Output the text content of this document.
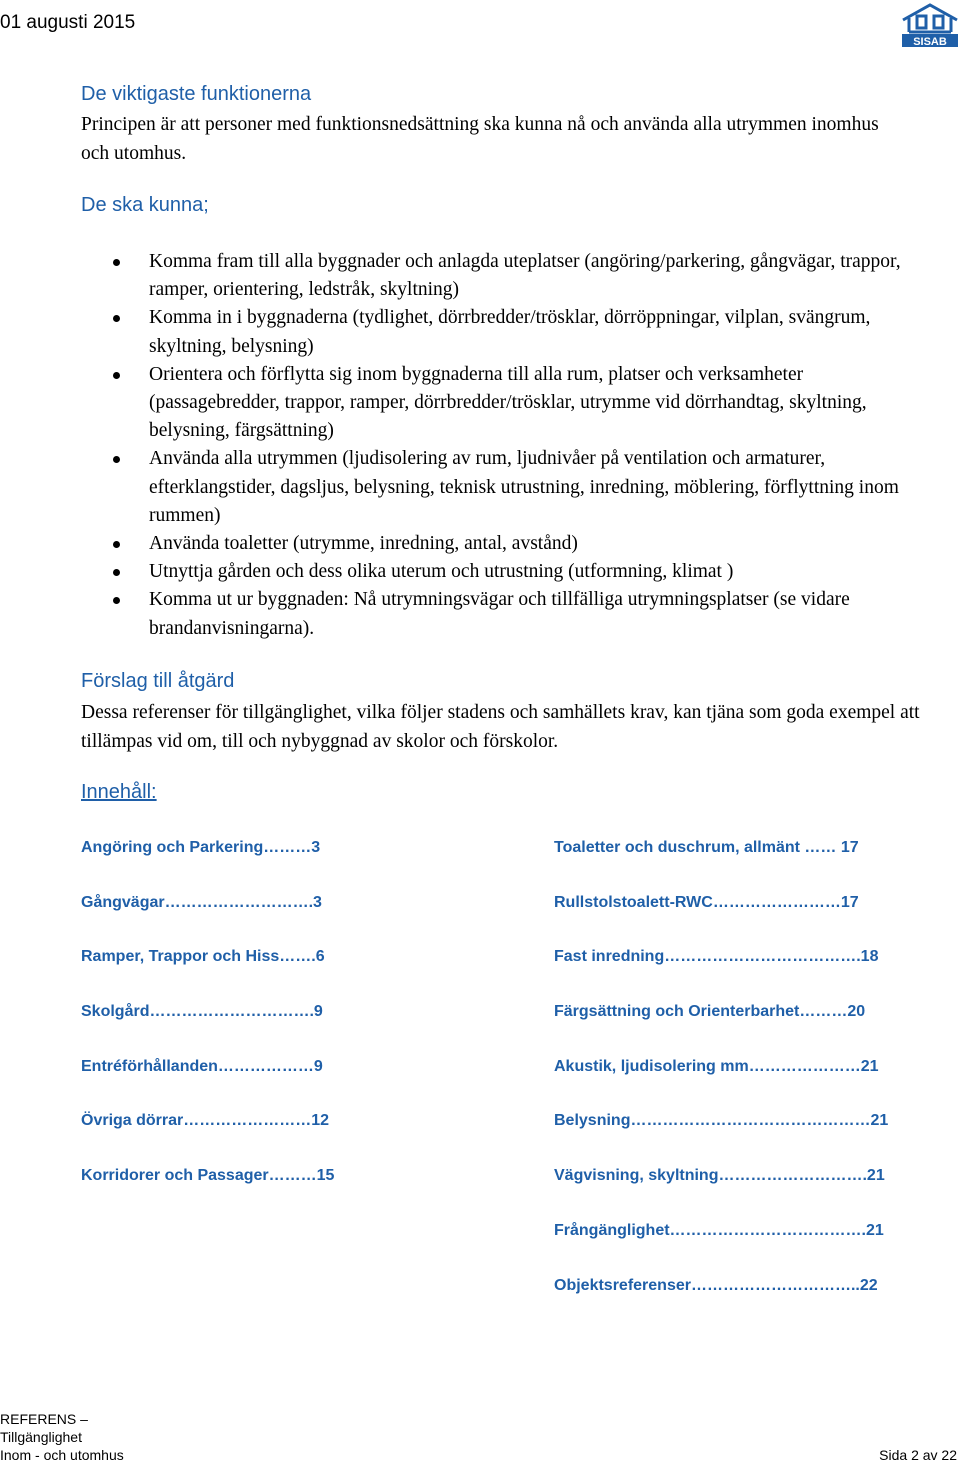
01 augusti 2015
SISAB
De viktigaste funktionerna

Principen är att personer med funktionsnedsättning ska kunna nå och använda alla utrymmen inomhus och utomhus.

De ska kunna;
Komma fram till alla byggnader och anlagda uteplatser (angöring/parkering, gångvägar, trappor, ramper, orientering, ledstråk, skyltning)
Komma in i byggnaderna (tydlighet, dörrbredder/trösklar, dörröppningar, vilplan, svängrum, skyltning, belysning)
Orientera och förflytta sig inom byggnaderna till alla rum, platser och verksamheter (passagebredder, trappor, ramper, dörrbredder/trösklar, utrymme vid dörrhandtag, skyltning, belysning, färgsättning)
Använda alla utrymmen (ljudisolering av rum, ljudnivåer på ventilation och armaturer, efterklangstider, dagsljus, belysning, teknisk utrustning, inredning, möblering, förflyttning inom rummen)
Använda toaletter (utrymme, inredning, antal, avstånd)
Utnyttja gården och dess olika uterum och utrustning (utformning, klimat )
Komma ut ur byggnaden: Nå utrymningsvägar och tillfälliga utrymningsplatser (se vidare brandanvisningarna).
Förslag till åtgärd

Dessa referenser för tillgänglighet, vilka följer stadens och samhällets krav, kan tjäna som goda exempel att tillämpas vid om, till och nybyggnad av skolor och förskolor.

Innehåll:
Angöring och Parkering………3
Gångvägar……………………….3
Ramper, Trappor och Hiss…….6
Skolgård………………………….9
Entréförhållanden………………9
Övriga dörrar……………………12
Korridorer och Passager………15
Toaletter och duschrum, allmänt …… 17
Rullstolstoalett-RWC……………………17
Fast inredning……………………………….18
Färgsättning och Orienterbarhet………20
Akustik, ljudisolering mm…………………21
Belysning………………………………………21
Vägvisning, skyltning……………………….21
Frångänglighet……………………………….21
Objektsreferenser…………………………..22
REFERENS –
Tillgänglighet
Inom - och utomhus	Sida 2 av 22
